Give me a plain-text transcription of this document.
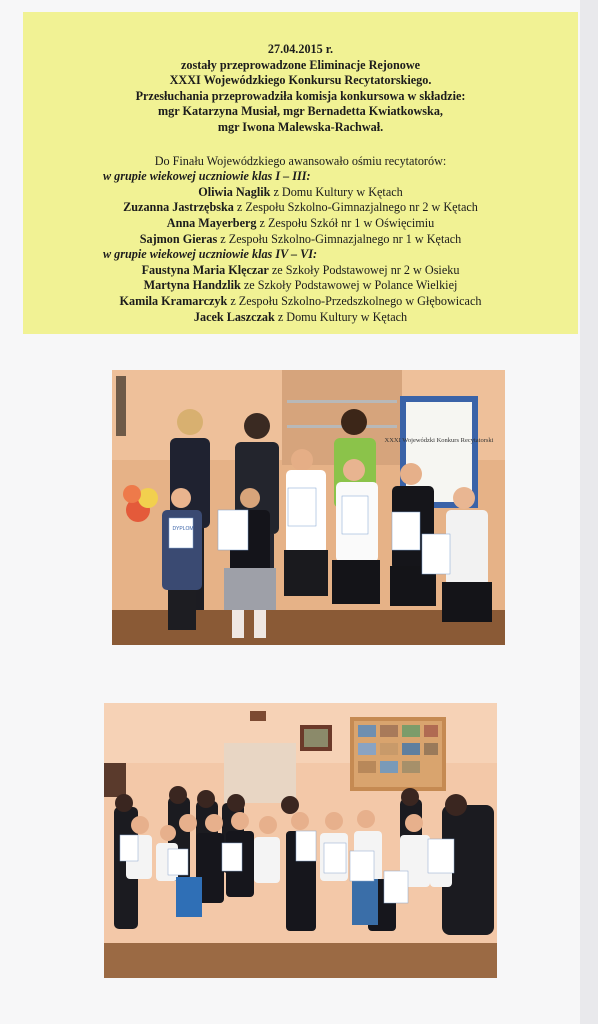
27.04.2015 r.

zostały przeprowadzone Eliminacje Rejonowe

XXXI Wojewódzkiego Konkursu Recytatorskiego.

Przesłuchania przeprowadziła komisja konkursowa w składzie:

mgr Katarzyna Musiał, mgr Bernadetta Kwiatkowska,

mgr Iwona Malewska-Rachwał.

Do Finału Wojewódzkiego awansowało ośmiu recytatorów:

w grupie wiekowej uczniowie klas I – III:

Oliwia Naglik z Domu Kultury w Kętach

Zuzanna Jastrzębska z Zespołu Szkolno-Gimnazjalnego nr 2 w Kętach

Anna Mayerberg z Zespołu Szkół nr 1 w Oświęcimiu

Sajmon Gieras z Zespołu Szkolno-Gimnazjalnego nr 1 w Kętach

w grupie wiekowej uczniowie klas IV – VI:

Faustyna Maria Klęczar ze Szkoły Podstawowej nr 2 w Osieku

Martyna Handzlik ze Szkoły Podstawowej w Polance Wielkiej

Kamila Kramarczyk z Zespołu Szkolno-Przedszkolnego w Głębowicach

Jacek Laszczak z Domu Kultury w Kętach

XXXI Wojewódzki Konkurs Recytatorski
DYPLOM
